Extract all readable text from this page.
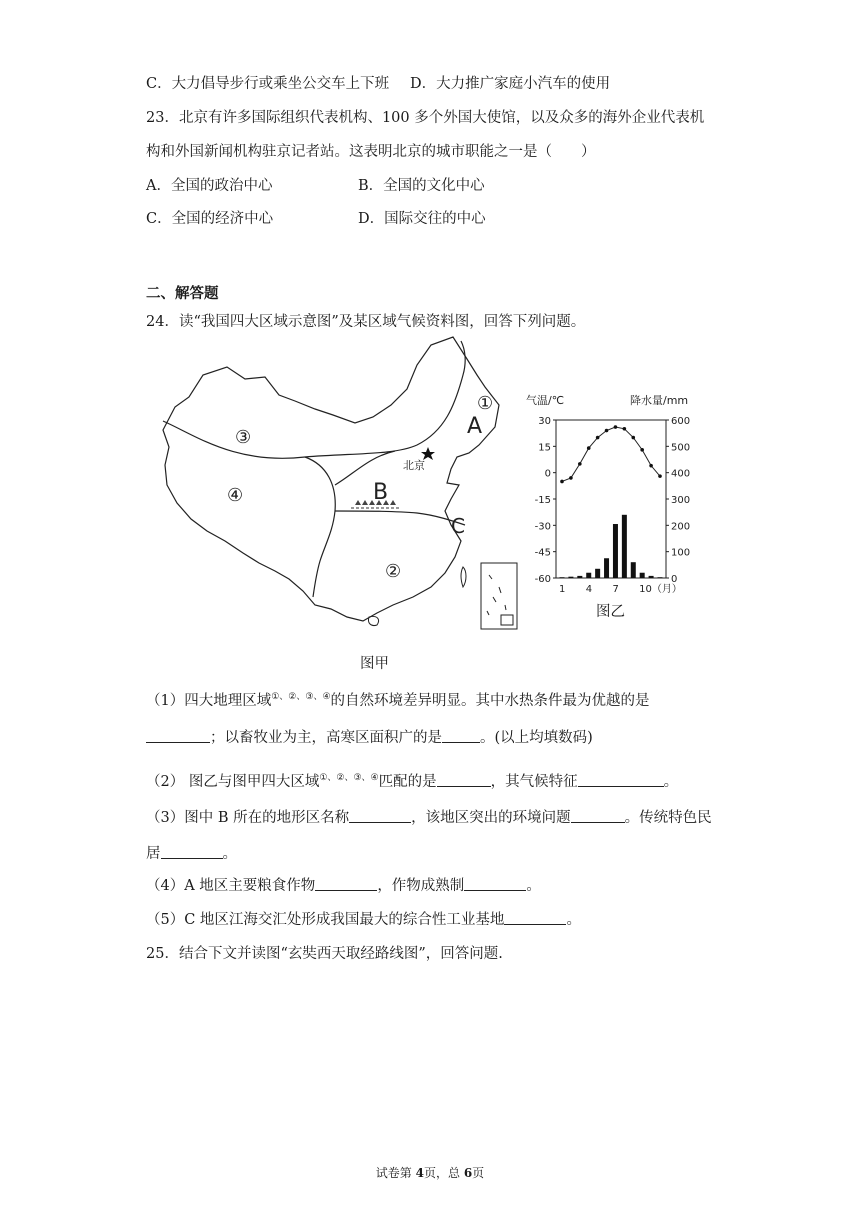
C．大力倡导步行或乘坐公交车上下班 D．大力推广家庭小汽车的使用
23．北京有许多国际组织代表机构、100 多个外国大使馆，以及众多的海外企业代表机
构和外国新闻机构驻京记者站。这表明北京的城市职能之一是（　　）
A．全国的政治中心	B．全国的文化中心
C．全国的经济中心	D．国际交往的中心
二、解答题
24．读“我国四大区域示意图”及某区域气候资料图，回答下列问题。
北京
③
④
②
①
A
B
C
图甲
气温/℃	降水量/mm
30
15
0
-15
-30
-45
-60
600
500
400
300
200
100
0
1 4 7 10（月）
图乙
（1）四大地理区域①、②、③、④的自然环境差异明显。其中水热条件最为优越的是
；以畜牧业为主，高寒区面积广的是	。(以上均填数码)
（2） 图乙与图甲四大区域①、②、③、④匹配的是	，其气候特征	。
（3）图中 B 所在的地形区名称	，该地区突出的环境问题	。传统特色民
居	。
（4）A 地区主要粮食作物	，作物成熟制	。
（5）C 地区江海交汇处形成我国最大的综合性工业基地	。
25．结合下文并读图“玄奘西天取经路线图”，回答问题.
试卷第 4页，总 6页
